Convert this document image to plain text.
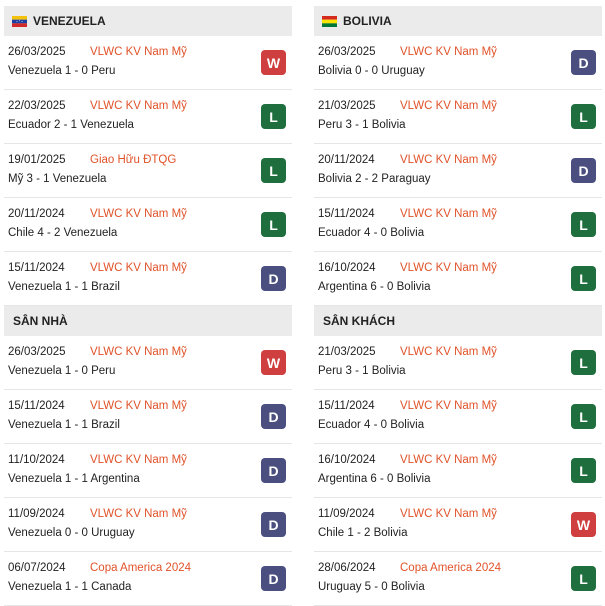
VENEZUELA
26/03/2025 VLWC KV Nam Mỹ
Venezuela 1 - 0 Peru
W
22/03/2025 VLWC KV Nam Mỹ
Ecuador 2 - 1 Venezuela
L
19/01/2025 Giao Hữu ĐTQG
Mỹ 3 - 1 Venezuela
L
20/11/2024 VLWC KV Nam Mỹ
Chile 4 - 2 Venezuela
L
15/11/2024 VLWC KV Nam Mỹ
Venezuela 1 - 1 Brazil
D
SÂN NHÀ
26/03/2025 VLWC KV Nam Mỹ
Venezuela 1 - 0 Peru
W
15/11/2024 VLWC KV Nam Mỹ
Venezuela 1 - 1 Brazil
D
11/10/2024 VLWC KV Nam Mỹ
Venezuela 1 - 1 Argentina
D
11/09/2024 VLWC KV Nam Mỹ
Venezuela 0 - 0 Uruguay
D
06/07/2024 Copa America 2024
Venezuela 1 - 1 Canada
D
BOLIVIA
26/03/2025 VLWC KV Nam Mỹ
Bolivia 0 - 0 Uruguay
D
21/03/2025 VLWC KV Nam Mỹ
Peru 3 - 1 Bolivia
L
20/11/2024 VLWC KV Nam Mỹ
Bolivia 2 - 2 Paraguay
D
15/11/2024 VLWC KV Nam Mỹ
Ecuador 4 - 0 Bolivia
L
16/10/2024 VLWC KV Nam Mỹ
Argentina 6 - 0 Bolivia
L
SÂN KHÁCH
21/03/2025 VLWC KV Nam Mỹ
Peru 3 - 1 Bolivia
L
15/11/2024 VLWC KV Nam Mỹ
Ecuador 4 - 0 Bolivia
L
16/10/2024 VLWC KV Nam Mỹ
Argentina 6 - 0 Bolivia
L
11/09/2024 VLWC KV Nam Mỹ
Chile 1 - 2 Bolivia
W
28/06/2024 Copa America 2024
Uruguay 5 - 0 Bolivia
L
